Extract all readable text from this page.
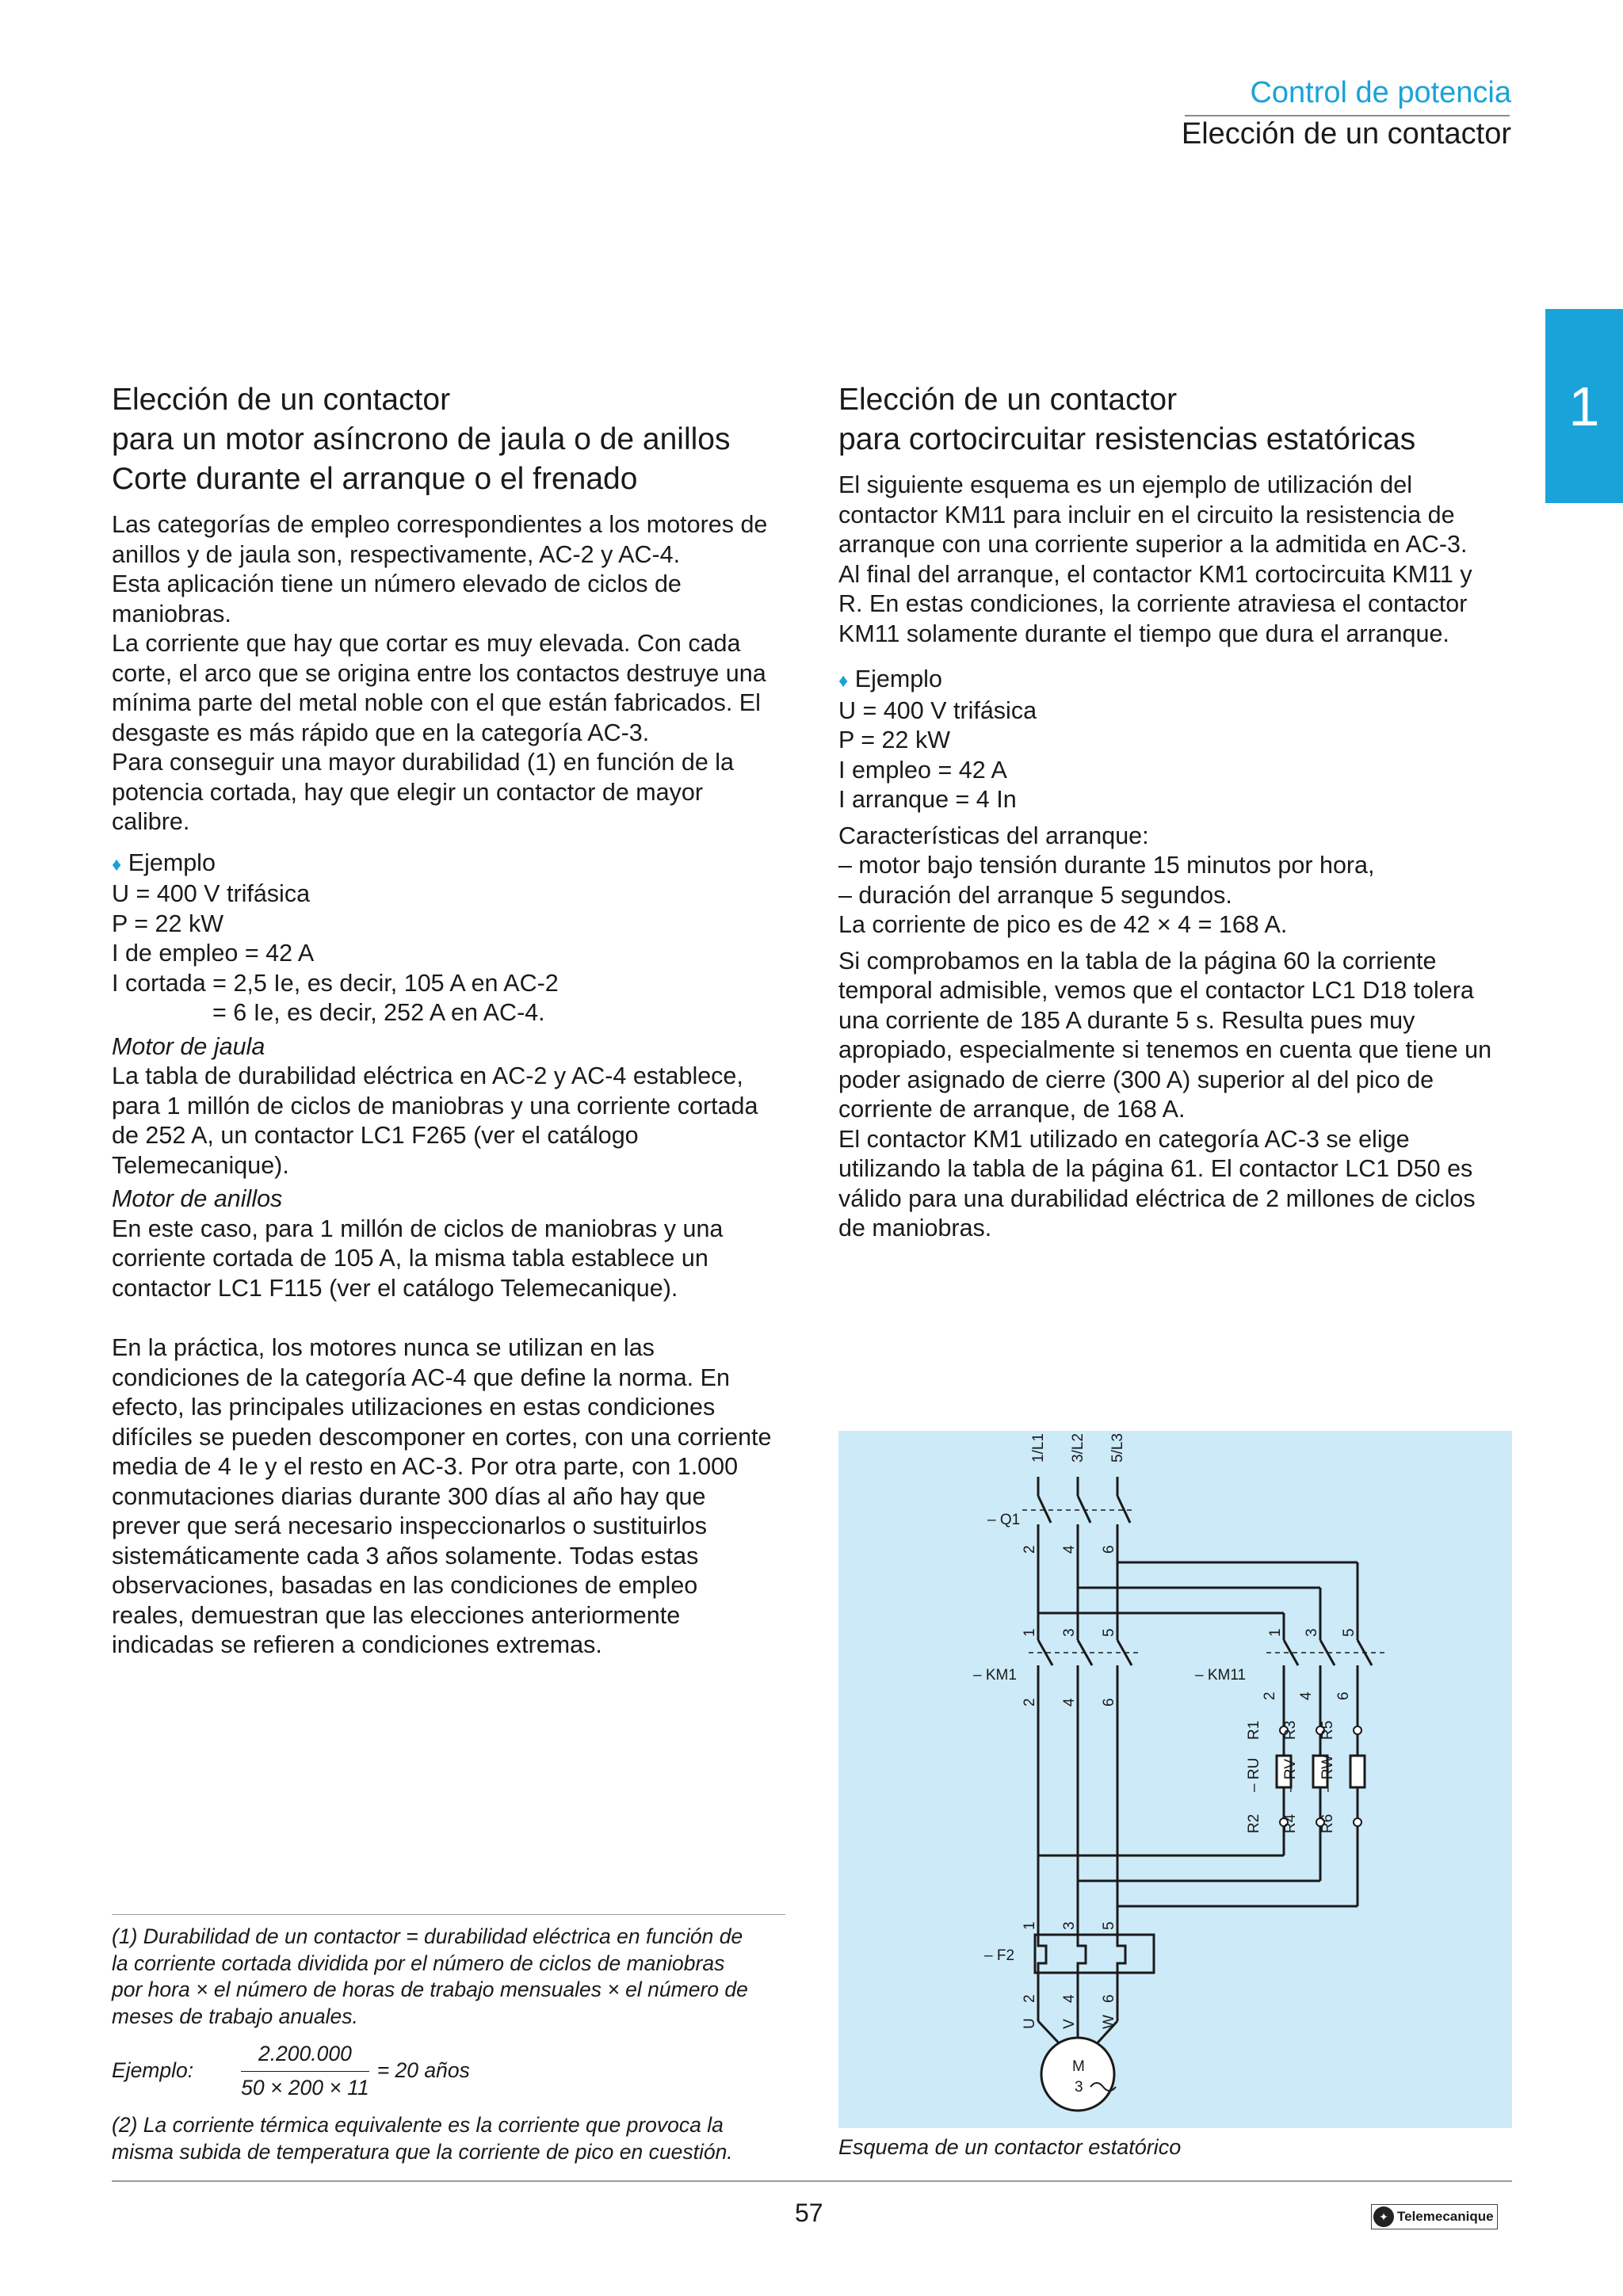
Control de potencia
Elección de un contactor
1
Elección de un contactor
para un motor asíncrono de jaula o de anillos
Corte durante el arranque o el frenado

Las categorías de empleo correspondientes a los motores de

anillos y de jaula son, respectivamente, AC-2 y AC-4.

Esta aplicación tiene un número elevado de ciclos de

maniobras.

La corriente que hay que cortar es muy elevada. Con cada

corte, el arco que se origina entre los contactos destruye una

mínima parte del metal noble con el que están fabricados. El

desgaste es más rápido que en la categoría AC-3.

Para conseguir una mayor durabilidad (1) en función de la

potencia cortada, hay que elegir un contactor de mayor

calibre.

♦ Ejemplo

U = 400 V trifásica

P = 22 kW

I de empleo = 42 A

I cortada = 2,5 Ie, es decir, 105 A en AC-2

= 6 Ie, es decir, 252 A en AC-4.

Motor de jaula

La tabla de durabilidad eléctrica en AC-2 y AC-4 establece,

para 1 millón de ciclos de maniobras y una corriente cortada

de 252 A, un contactor LC1 F265 (ver el catálogo

Telemecanique).

Motor de anillos

En este caso, para 1 millón de ciclos de maniobras y una

corriente cortada de 105 A, la misma tabla establece un

contactor LC1 F115 (ver el catálogo Telemecanique).

En la práctica, los motores nunca se utilizan en las

condiciones de la categoría AC-4 que define la norma. En

efecto, las principales utilizaciones en estas condiciones

difíciles se pueden descomponer en cortes, con una corriente

media de 4 Ie y el resto en AC-3. Por otra parte, con 1.000

conmutaciones diarias durante 300 días al año hay que

prever que será necesario inspeccionarlos o sustituirlos

sistemáticamente cada 3 años solamente. Todas estas

observaciones, basadas en las condiciones de empleo

reales, demuestran que las elecciones anteriormente

indicadas se refieren a condiciones extremas.

(1) Durabilidad de un contactor = durabilidad eléctrica en función de

la corriente cortada dividida por el número de ciclos de maniobras

por hora × el número de horas de trabajo mensuales × el número de

meses de trabajo anuales.

Ejemplo: $\frac{2.200.000}{50 \times 200 \times 11} = 20$ años

(2) La corriente térmica equivalente es la corriente que provoca la

misma subida de temperatura que la corriente de pico en cuestión.

Elección de un contactor
para cortocircuitar resistencias estatóricas

El siguiente esquema es un ejemplo de utilización del

contactor KM11 para incluir en el circuito la resistencia de

arranque con una corriente superior a la admitida en AC-3.

Al final del arranque, el contactor KM1 cortocircuita KM11 y

R. En estas condiciones, la corriente atraviesa el contactor

KM11 solamente durante el tiempo que dura el arranque.

♦ Ejemplo

U = 400 V trifásica

P = 22 kW

I empleo = 42 A

I arranque = 4 In

Características del arranque:

– motor bajo tensión durante 15 minutos por hora,

– duración del arranque 5 segundos.

La corriente de pico es de 42 × 4 = 168 A.

Si comprobamos en la tabla de la página 60 la corriente

temporal admisible, vemos que el contactor LC1 D18 tolera

una corriente de 185 A durante 5 s. Resulta pues muy

apropiado, especialmente si tenemos en cuenta que tiene un

poder asignado de cierre (300 A) superior al del pico de

corriente de arranque, de 168 A.

El contactor KM1 utilizado en categoría AC-3 se elige

utilizando la tabla de la página 61. El contactor LC1 D50 es

válido para una durabilidad eléctrica de 2 millones de ciclos

de maniobras.

1/L1 3/L2 5/L3
– Q1
2 4 6
1 3 5
– KM1
2 4 6
– KM11
1 3 5
2 4 6
R1 R3 R5
– RU – RV – RW
R2 R4 R6
1 3 5
– F2
2 4 6
U V W
M
3
Esquema de un contactor estatórico
57	✦ Telemecanique
